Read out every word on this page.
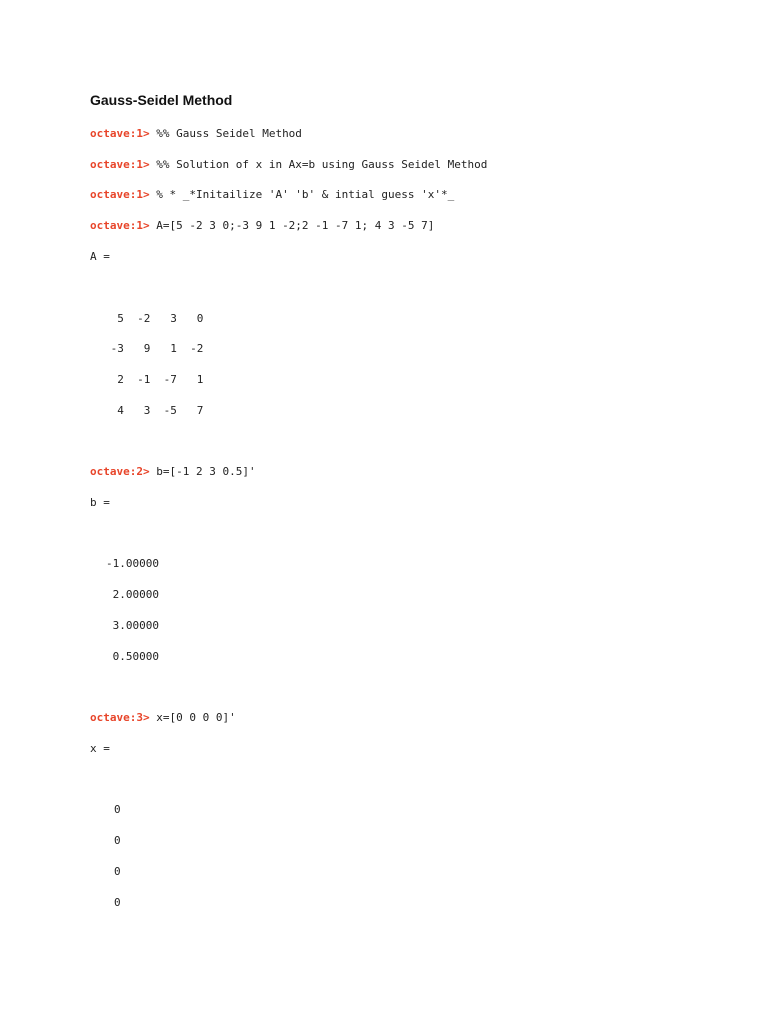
Gauss-Seidel Method
octave:1> %% Gauss Seidel Method
octave:1> %% Solution of x in Ax=b using Gauss Seidel Method
octave:1> % * _*Initailize 'A' 'b' & intial guess 'x'*_
octave:1> A=[5 -2 3 0;-3 9 1 -2;2 -1 -7 1; 4 3 -5 7]
A =
5  -2   3   0
-3   9   1  -2
2  -1  -7   1
4   3  -5   7
octave:2> b=[-1 2 3 0.5]'
b =
-1.00000
2.00000
3.00000
0.50000
octave:3> x=[0 0 0 0]'
x =
0
0
0
0
